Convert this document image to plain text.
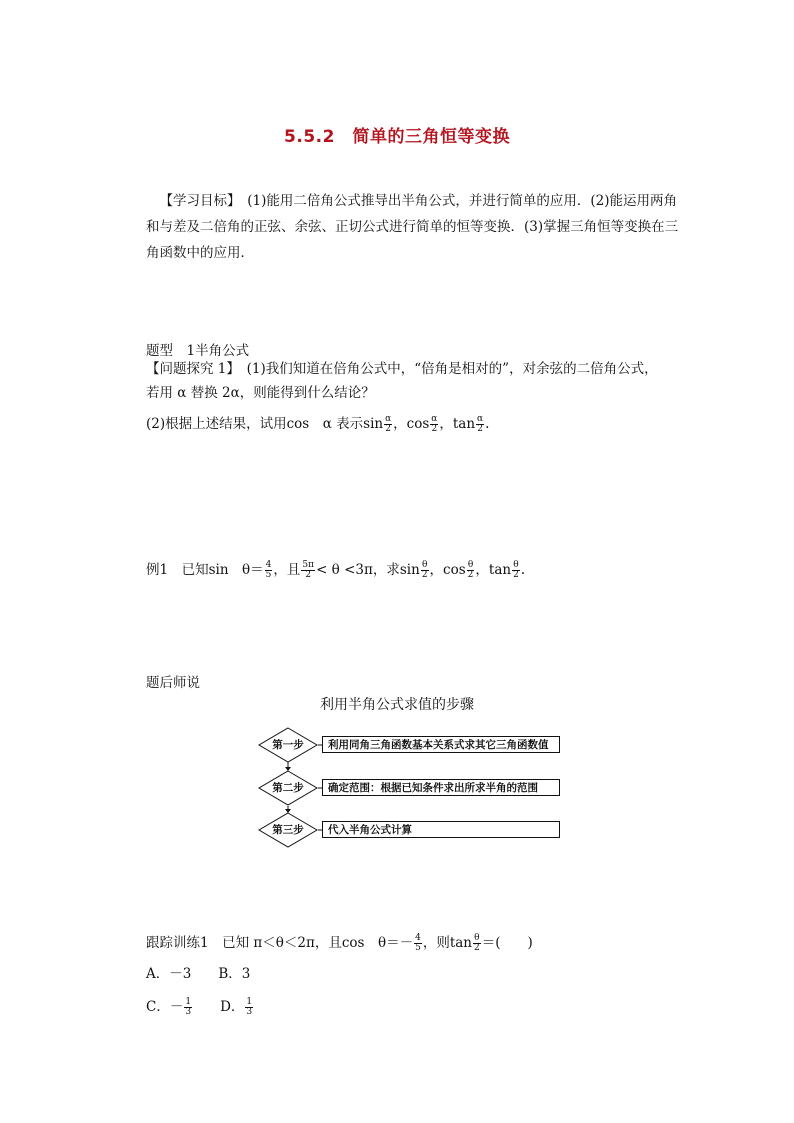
5.5.2　简单的三角恒等变换
【学习目标】　 (1)能用二倍角公式推导出半角公式，并进行简单的应用．(2)能运用两角和与差及二倍角的正弦、余弦、正切公式进行简单的恒等变换．(3)掌握三角恒等变换在三角函数中的应用．
题型　1半角公式
【问题探究 1】　 (1)我们知道在倍角公式中，“倍角是相对的”，对余弦的二倍角公式，
若用 α 替换 2α，则能得到什么结论？
(2)根据上述结果，试用cos　α 表示$\sin \frac{\alpha}{2}$ ，$\cos \frac{\alpha}{2}$ ，$\tan \frac{\alpha}{2}$ .
例1　已知sin　$\theta= \frac{4}{5}$ ，且 $\frac{5\pi}{2} < \theta <3\pi$，求$\sin \frac{\theta}{2}$ ，$\cos \frac{\theta}{2}$ ，$\tan \frac{\theta}{2}$ .
题后师说
利用半角公式求值的步骤
第一步	利用同角三角函数基本关系式求其它三角函数值
第二步	确定范围：根据已知条件求出所求半角的范围
第三步	代入半角公式计算
跟踪训练1　已知 π＜θ＜2π，且cos　$\theta=- \frac{4}{5}$ ，则$\tan \frac{\theta}{2}$ ＝(　　)
A．－3　　 B．3
C．－ $\frac{1}{3}$
　　 D． $\frac{1}{3}$
